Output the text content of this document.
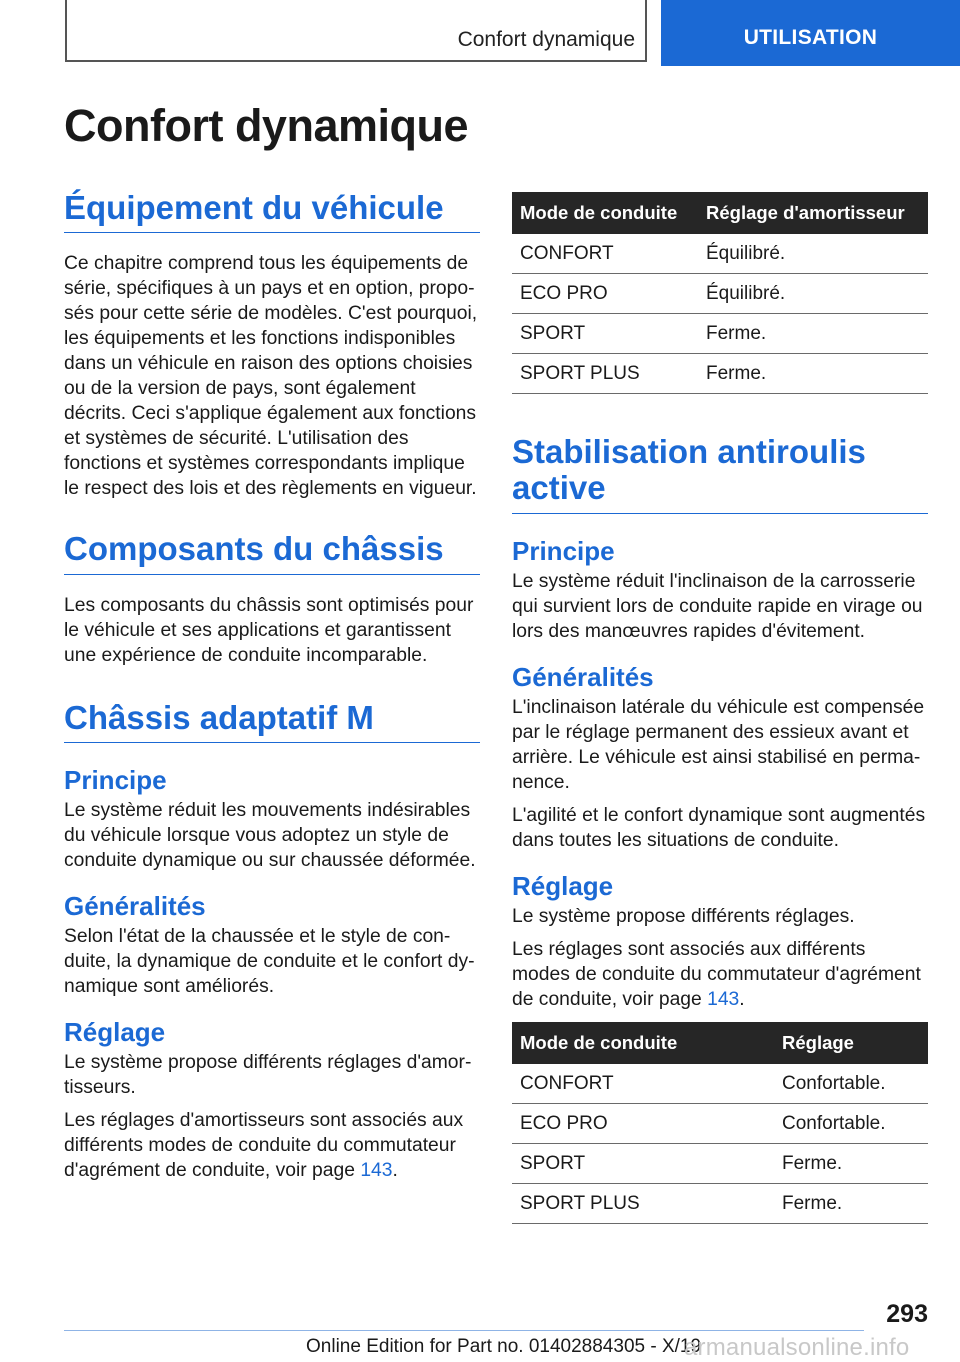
Confort dynamique	UTILISATION
Confort dynamique
Équipement du véhicule

Ce chapitre comprend tous les équipements de série, spécifiques à un pays et en option, proposés pour cette série de modèles. C'est pourquoi, les équipements et les fonctions indisponibles dans un véhicule en raison des options choisies ou de la version de pays, sont également décrits. Ceci s'applique également aux fonctions et systèmes de sécurité. L'utilisation des fonctions et systèmes correspondants implique le respect des lois et des règlements en vigueur.

Composants du châssis

Les composants du châssis sont optimisés pour le véhicule et ses applications et garantissent une expérience de conduite incomparable.

Châssis adaptatif M
Principe

Le système réduit les mouvements indésirables du véhicule lorsque vous adoptez un style de conduite dynamique ou sur chaussée déformée.

Généralités

Selon l'état de la chaussée et le style de conduite, la dynamique de conduite et le confort dynamique sont améliorés.

Réglage

Le système propose différents réglages d'amortisseurs.

Les réglages d'amortisseurs sont associés aux différents modes de conduite du commutateur d'agrément de conduite, voir page 143.

Mode de conduite	Réglage d'amortisseur
CONFORT	Équilibré.
ECO PRO	Équilibré.
SPORT	Ferme.
SPORT PLUS	Ferme.
Stabilisation antiroulis active
Principe

Le système réduit l'inclinaison de la carrosserie qui survient lors de conduite rapide en virage ou lors des manœuvres rapides d'évitement.

Généralités

L'inclinaison latérale du véhicule est compensée par le réglage permanent des essieux avant et arrière. Le véhicule est ainsi stabilisé en permanence.

L'agilité et le confort dynamique sont augmentés dans toutes les situations de conduite.

Réglage

Le système propose différents réglages.

Les réglages sont associés aux différents modes de conduite du commutateur d'agrément de conduite, voir page 143.

Mode de conduite	Réglage
CONFORT	Confortable.
ECO PRO	Confortable.
SPORT	Ferme.
SPORT PLUS	Ferme.
293
Online Edition for Part no. 01402884305 - X/19
armanualsonline.info
